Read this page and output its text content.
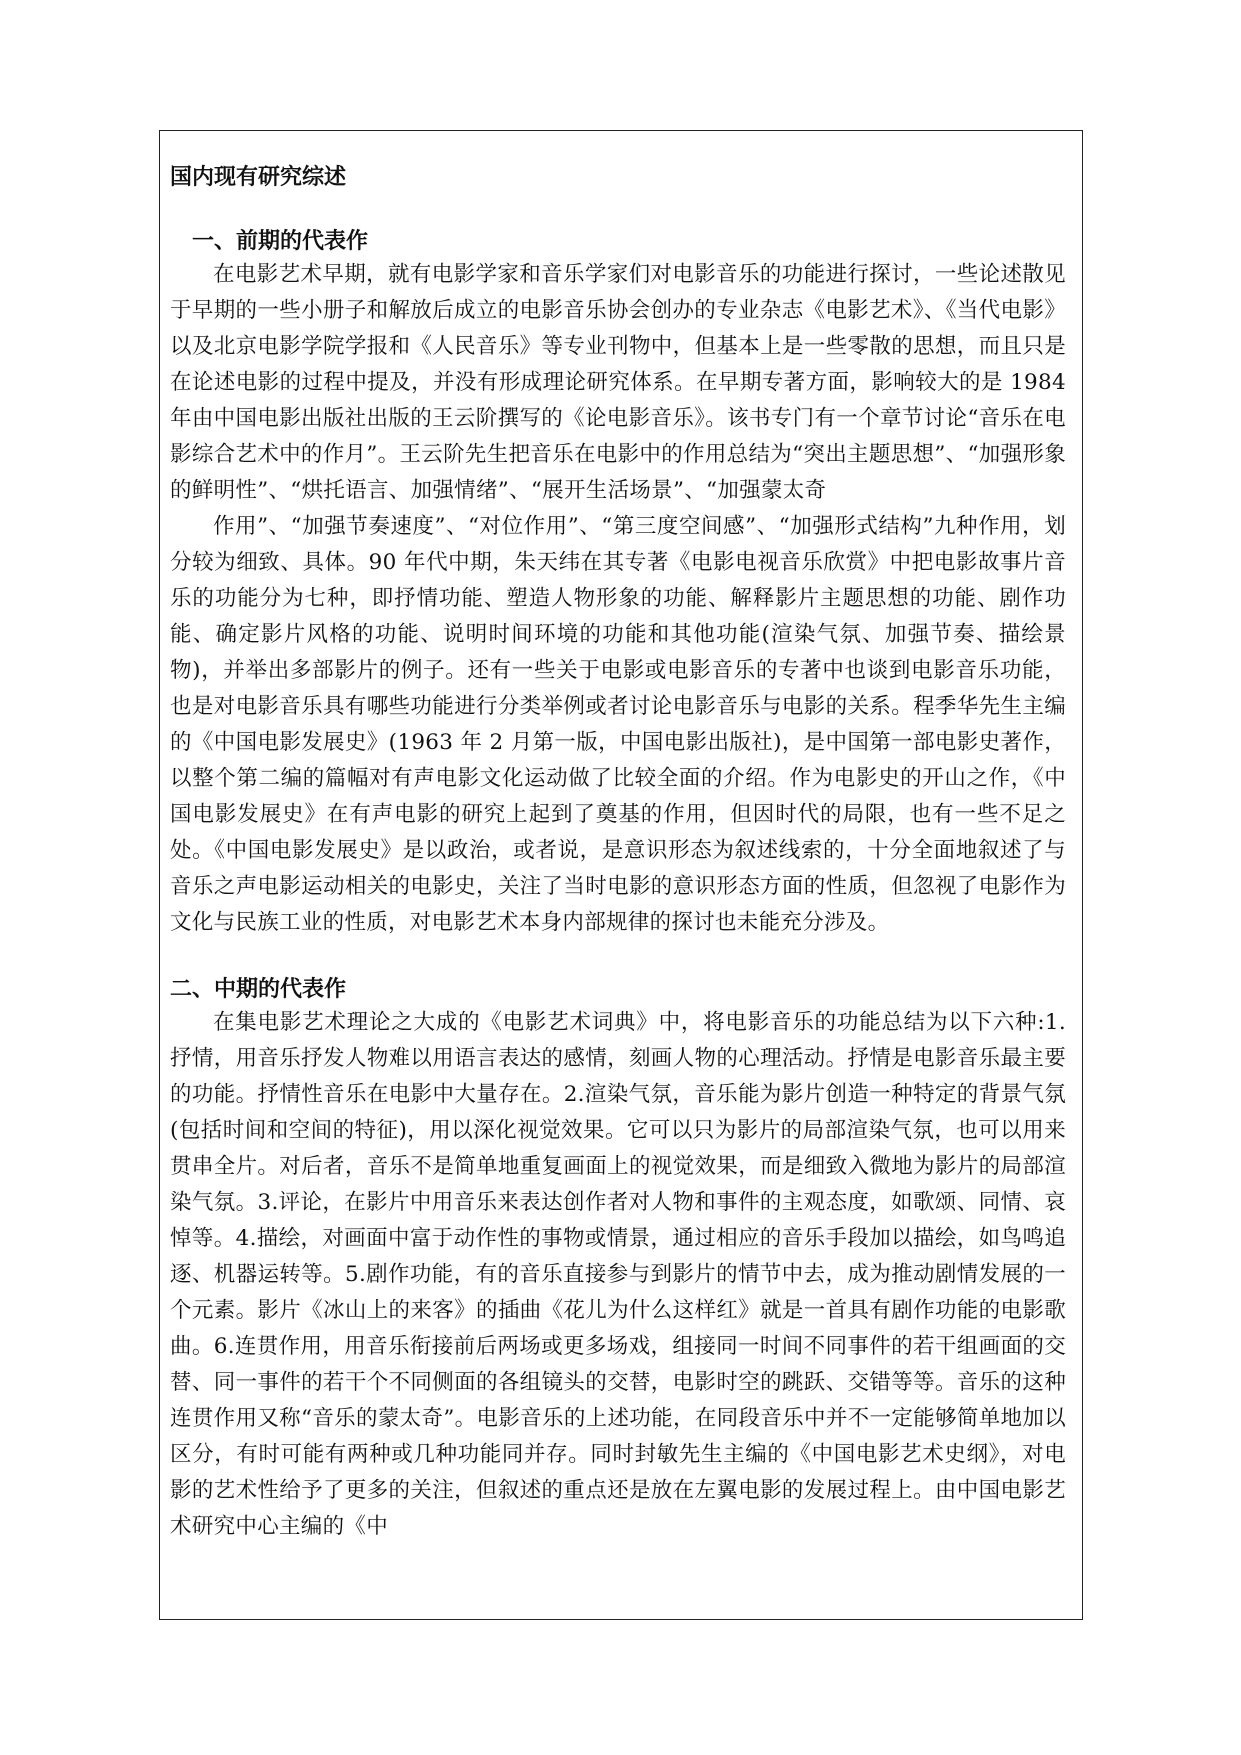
国内现有研究综述
一、前期的代表作

在电影艺术早期，就有电影学家和音乐学家们对电影音乐的功能进行探讨，一些论述散见于早期的一些小册子和解放后成立的电影音乐协会创办的专业杂志《电影艺术》、《当代电影》以及北京电影学院学报和《人民音乐》等专业刊物中，但基本上是一些零散的思想，而且只是在论述电影的过程中提及，并没有形成理论研究体系。在早期专著方面，影响较大的是 1984 年由中国电影出版社出版的王云阶撰写的《论电影音乐》。该书专门有一个章节讨论“音乐在电影综合艺术中的作月”。王云阶先生把音乐在电影中的作用总结为“突出主题思想”、“加强形象的鲜明性”、“烘托语言、加强情绪”、“展开生活场景”、“加强蒙太奇

作用”、“加强节奏速度”、“对位作用”、“第三度空间感”、“加强形式结构”九种作用，划分较为细致、具体。90 年代中期，朱天纬在其专著《电影电视音乐欣赏》中把电影故事片音乐的功能分为七种，即抒情功能、塑造人物形象的功能、解释影片主题思想的功能、剧作功能、确定影片风格的功能、说明时间环境的功能和其他功能(渲染气氛、加强节奏、描绘景物)，并举出多部影片的例子。还有一些关于电影或电影音乐的专著中也谈到电影音乐功能，也是对电影音乐具有哪些功能进行分类举例或者讨论电影音乐与电影的关系。程季华先生主编的《中国电影发展史》(1963 年 2 月第一版，中国电影出版社)，是中国第一部电影史著作，以整个第二编的篇幅对有声电影文化运动做了比较全面的介绍。作为电影史的开山之作，《中国电影发展史》在有声电影的研究上起到了奠基的作用，但因时代的局限，也有一些不足之处。《中国电影发展史》是以政治，或者说，是意识形态为叙述线索的，十分全面地叙述了与音乐之声电影运动相关的电影史，关注了当时电影的意识形态方面的性质，但忽视了电影作为文化与民族工业的性质，对电影艺术本身内部规律的探讨也未能充分涉及。

二、中期的代表作

在集电影艺术理论之大成的《电影艺术词典》中，将电影音乐的功能总结为以下六种:1.抒情，用音乐抒发人物难以用语言表达的感情，刻画人物的心理活动。抒情是电影音乐最主要的功能。抒情性音乐在电影中大量存在。2.渲染气氛，音乐能为影片创造一种特定的背景气氛(包括时间和空间的特征)，用以深化视觉效果。它可以只为影片的局部渲染气氛，也可以用来贯串全片。对后者，音乐不是简单地重复画面上的视觉效果，而是细致入微地为影片的局部渲染气氛。3.评论，在影片中用音乐来表达创作者对人物和事件的主观态度，如歌颂、同情、哀悼等。4.描绘，对画面中富于动作性的事物或情景，通过相应的音乐手段加以描绘，如鸟鸣追逐、机器运转等。5.剧作功能，有的音乐直接参与到影片的情节中去，成为推动剧情发展的一个元素。影片《冰山上的来客》的插曲《花儿为什么这样红》就是一首具有剧作功能的电影歌曲。6.连贯作用，用音乐衔接前后两场或更多场戏，组接同一时间不同事件的若干组画面的交替、同一事件的若干个不同侧面的各组镜头的交替，电影时空的跳跃、交错等等。音乐的这种连贯作用又称“音乐的蒙太奇”。电影音乐的上述功能，在同段音乐中并不一定能够简单地加以区分，有时可能有两种或几种功能同并存。同时封敏先生主编的《中国电影艺术史纲》，对电影的艺术性给予了更多的关注，但叙述的重点还是放在左翼电影的发展过程上。由中国电影艺术研究中心主编的《中
